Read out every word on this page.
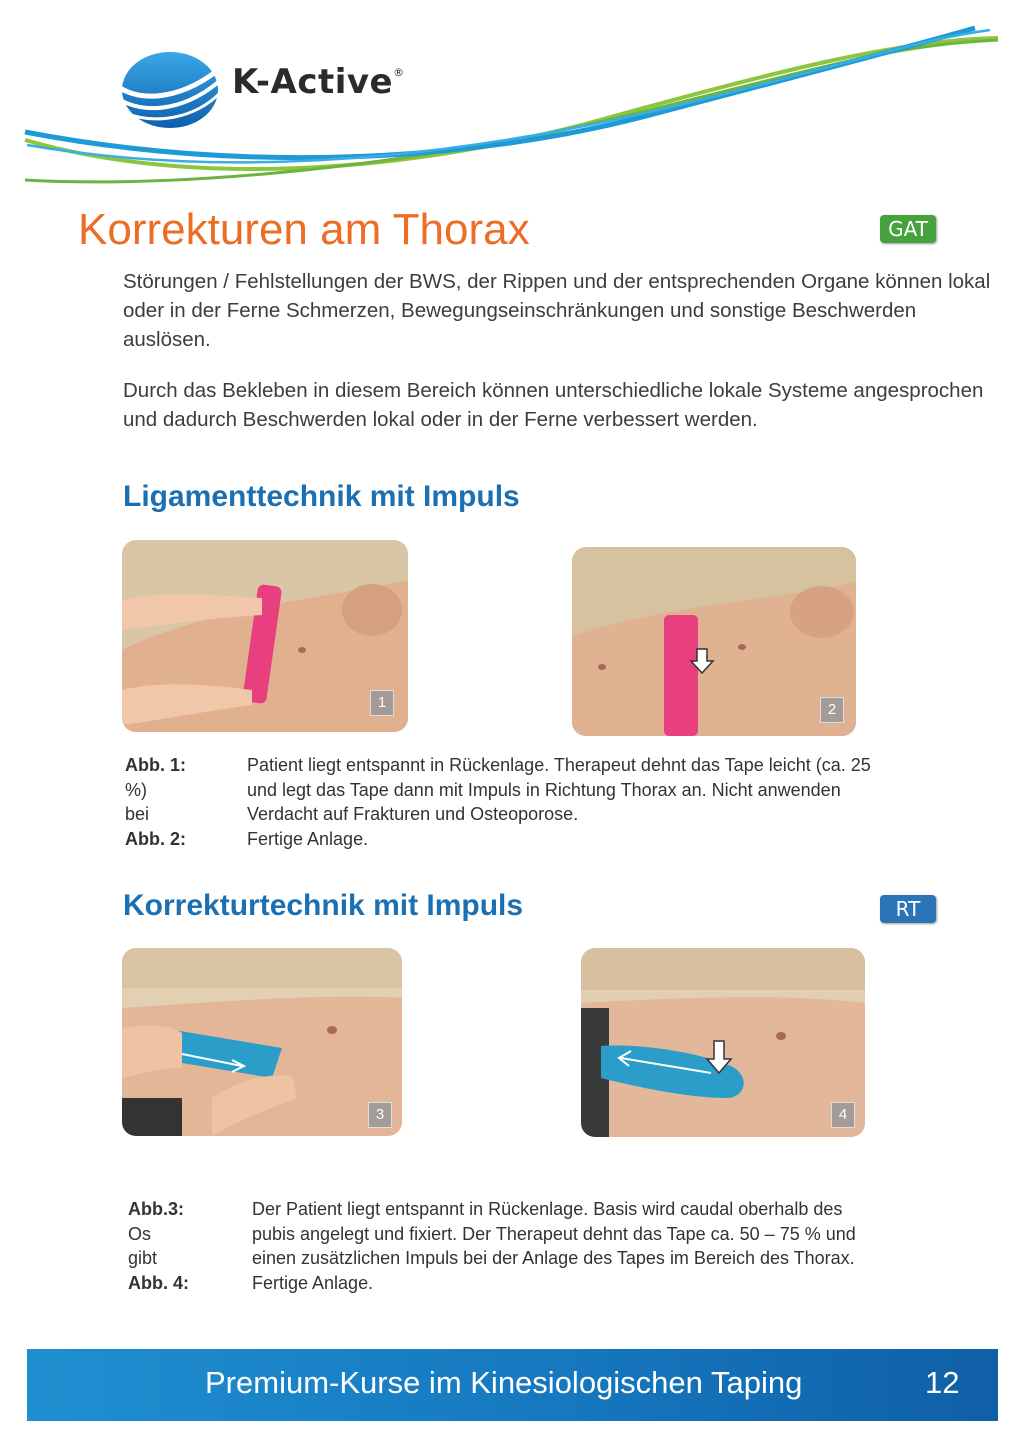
K-Active®
Korrekturen am Thorax	GAT
Störungen / Fehlstellungen der BWS, der Rippen und der entsprechenden Organe können lokal oder in der Ferne Schmerzen, Bewegungseinschränkungen und sonstige Beschwerden auslösen.
Durch das Bekleben in diesem Bereich können unterschiedliche lokale Systeme angesprochen und dadurch Beschwerden lokal oder in der Ferne verbessert werden.
Ligamenttechnik mit Impuls
1	2
Abb. 1:	Patient liegt entspannt in Rückenlage. Therapeut dehnt das Tape leicht (ca. 25
%)	und legt das Tape dann mit Impuls in Richtung Thorax an. Nicht anwenden
bei	Verdacht auf Frakturen und Osteoporose.
Abb. 2:	Fertige Anlage.
Korrekturtechnik mit Impuls	RT
3	4
Abb.3:	Der Patient liegt entspannt in Rückenlage. Basis wird caudal oberhalb des
Os	pubis angelegt und fixiert. Der Therapeut dehnt das Tape ca. 50 – 75 % und
gibt	einen zusätzlichen Impuls bei der Anlage des Tapes im Bereich des Thorax.
Abb. 4:	Fertige Anlage.
Premium-Kurse im Kinesiologischen Taping	12
